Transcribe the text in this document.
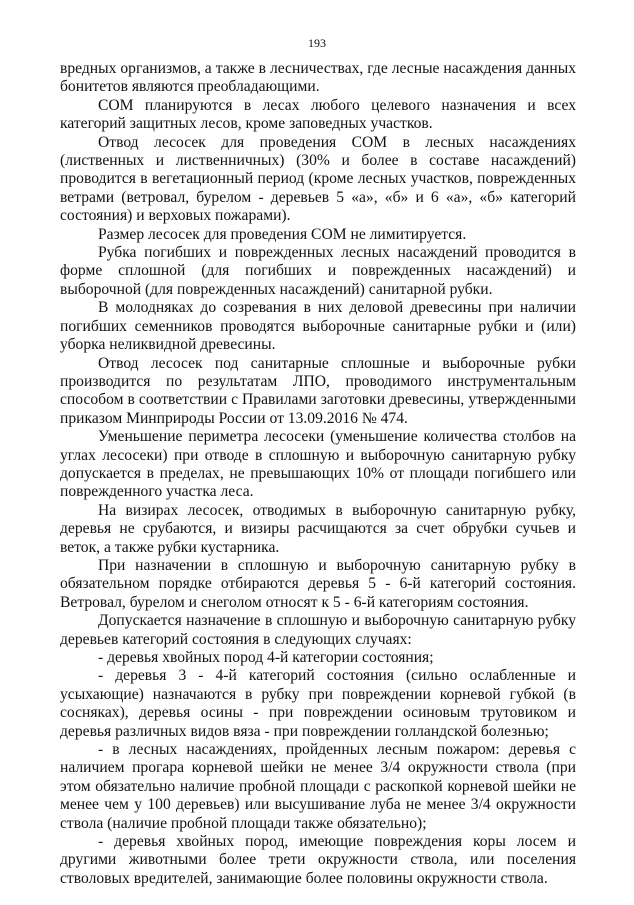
193

вредных организмов, а также в лесничествах, где лесные насаждения данных бонитетов являются преобладающими.

СОМ планируются в лесах любого целевого назначения и всех категорий защитных лесов, кроме заповедных участков.

Отвод лесосек для проведения СОМ в лесных насаждениях (лиственных и лиственничных) (30% и более в составе насаждений) проводится в вегетационный период (кроме лесных участков, поврежденных ветрами (ветровал, бурелом - деревьев 5 «а», «б» и 6 «а», «б» категорий состояния) и верховых пожарами).

Размер лесосек для проведения СОМ не лимитируется.

Рубка погибших и поврежденных лесных насаждений проводится в форме сплошной (для погибших и поврежденных насаждений) и выборочной (для поврежденных насаждений) санитарной рубки.

В молодняках до созревания в них деловой древесины при наличии погибших семенников проводятся выборочные санитарные рубки и (или) уборка неликвидной древесины.

Отвод лесосек под санитарные сплошные и выборочные рубки производится по результатам ЛПО, проводимого инструментальным способом в соответствии с Правилами заготовки древесины, утвержденными приказом Минприроды России от 13.09.2016 № 474.

Уменьшение периметра лесосеки (уменьшение количества столбов на углах лесосеки) при отводе в сплошную и выборочную санитарную рубку допускается в пределах, не превышающих 10% от площади погибшего или поврежденного участка леса.

На визирах лесосек, отводимых в выборочную санитарную рубку, деревья не срубаются, и визиры расчищаются за счет обрубки сучьев и веток, а также рубки кустарника.

При назначении в сплошную и выборочную санитарную рубку в обязательном порядке отбираются деревья 5 - 6-й категорий состояния. Ветровал, бурелом и снеголом относят к 5 - 6-й категориям состояния.

Допускается назначение в сплошную и выборочную санитарную рубку деревьев категорий состояния в следующих случаях:

- деревья хвойных пород 4-й категории состояния;

- деревья 3 - 4-й категорий состояния (сильно ослабленные и усыхающие) назначаются в рубку при повреждении корневой губкой (в сосняках), деревья осины - при повреждении осиновым трутовиком и деревья различных видов вяза - при повреждении голландской болезнью;

- в лесных насаждениях, пройденных лесным пожаром: деревья с наличием прогара корневой шейки не менее 3/4 окружности ствола (при этом обязательно наличие пробной площади с раскопкой корневой шейки не менее чем у 100 деревьев) или высушивание луба не менее 3/4 окружности ствола (наличие пробной площади также обязательно);

- деревья хвойных пород, имеющие повреждения коры лосем и другими животными более трети окружности ствола, или поселения стволовых вредителей, занимающие более половины окружности ствола.
